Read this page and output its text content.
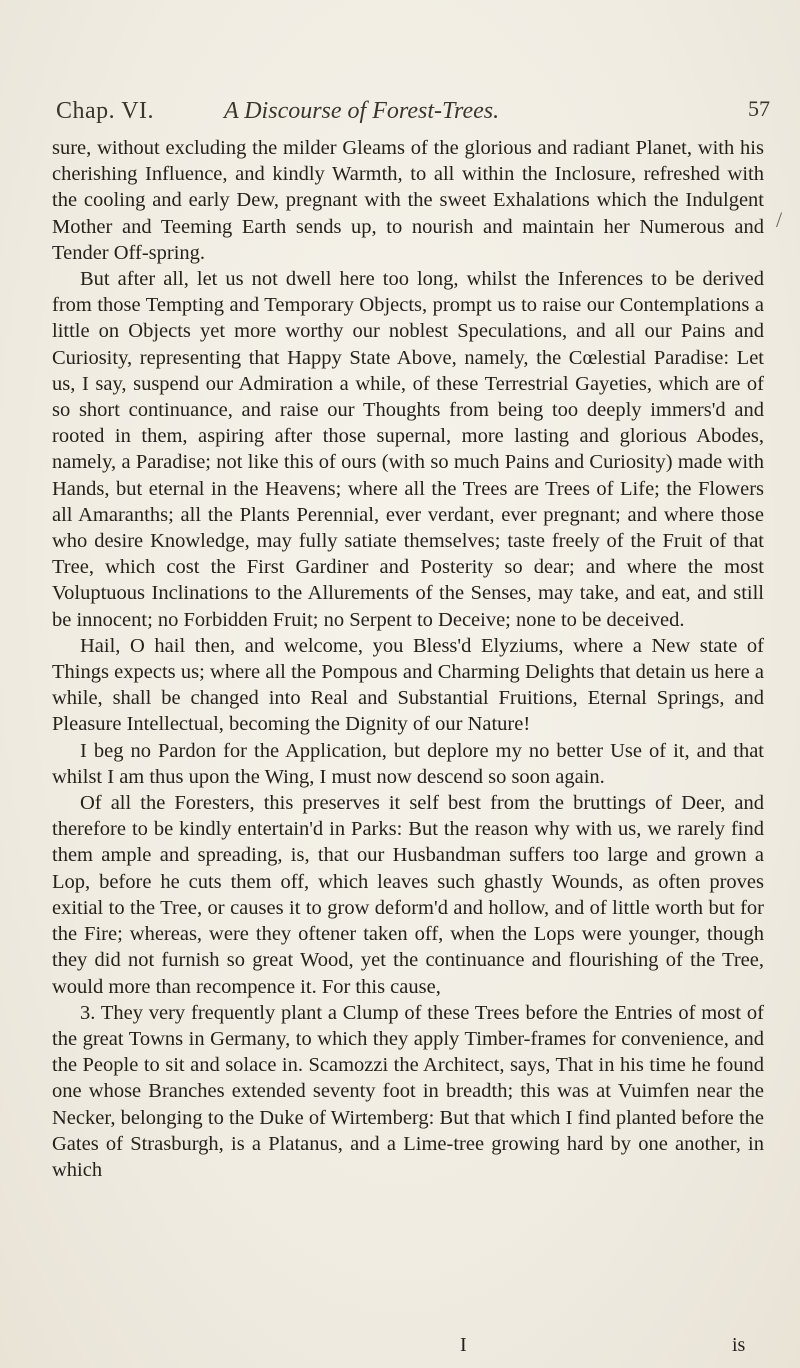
Chap. VI.	A Discourse of Forest-Trees.	57
/

sure, without excluding the milder Gleams of the glorious and radiant Planet, with his cherishing Influence, and kindly Warmth, to all within the Inclosure, refreshed with the cooling and early Dew, pregnant with the sweet Exhalations which the Indulgent Mother and Teeming Earth sends up, to nourish and maintain her Numerous and Tender Off-spring.

But after all, let us not dwell here too long, whilst the Inferences to be derived from those Tempting and Temporary Objects, prompt us to raise our Contemplations a little on Objects yet more worthy our noblest Speculations, and all our Pains and Curiosity, representing that Happy State Above, namely, the Cœlestial Paradise: Let us, I say, suspend our Admiration a while, of these Terrestrial Gayeties, which are of so short continuance, and raise our Thoughts from being too deeply immers'd and rooted in them, aspiring after those supernal, more lasting and glorious Abodes, namely, a Paradise; not like this of ours (with so much Pains and Curiosity) made with Hands, but eternal in the Heavens; where all the Trees are Trees of Life; the Flowers all Amaranths; all the Plants Perennial, ever verdant, ever pregnant; and where those who desire Knowledge, may fully satiate themselves; taste freely of the Fruit of that Tree, which cost the First Gardiner and Posterity so dear; and where the most Voluptuous Inclinations to the Allurements of the Senses, may take, and eat, and still be innocent; no Forbidden Fruit; no Serpent to Deceive; none to be deceived.

Hail, O hail then, and welcome, you Bless'd Elyziums, where a New state of Things expects us; where all the Pompous and Charming Delights that detain us here a while, shall be changed into Real and Substantial Fruitions, Eternal Springs, and Pleasure Intellectual, becoming the Dignity of our Nature!

I beg no Pardon for the Application, but deplore my no better Use of it, and that whilst I am thus upon the Wing, I must now descend so soon again.

Of all the Foresters, this preserves it self best from the bruttings of Deer, and therefore to be kindly entertain'd in Parks: But the reason why with us, we rarely find them ample and spreading, is, that our Husbandman suffers too large and grown a Lop, before he cuts them off, which leaves such ghastly Wounds, as often proves exitial to the Tree, or causes it to grow deform'd and hollow, and of little worth but for the Fire; whereas, were they oftener taken off, when the Lops were younger, though they did not furnish so great Wood, yet the continuance and flourishing of the Tree, would more than recompence it. For this cause,

3. They very frequently plant a Clump of these Trees before the Entries of most of the great Towns in Germany, to which they apply Timber-frames for convenience, and the People to sit and solace in. Scamozzi the Architect, says, That in his time he found one whose Branches extended seventy foot in breadth; this was at Vuimfen near the Necker, belonging to the Duke of Wirtemberg: But that which I find planted before the Gates of Strasburgh, is a Platanus, and a Lime-tree growing hard by one another, in which

I	is
